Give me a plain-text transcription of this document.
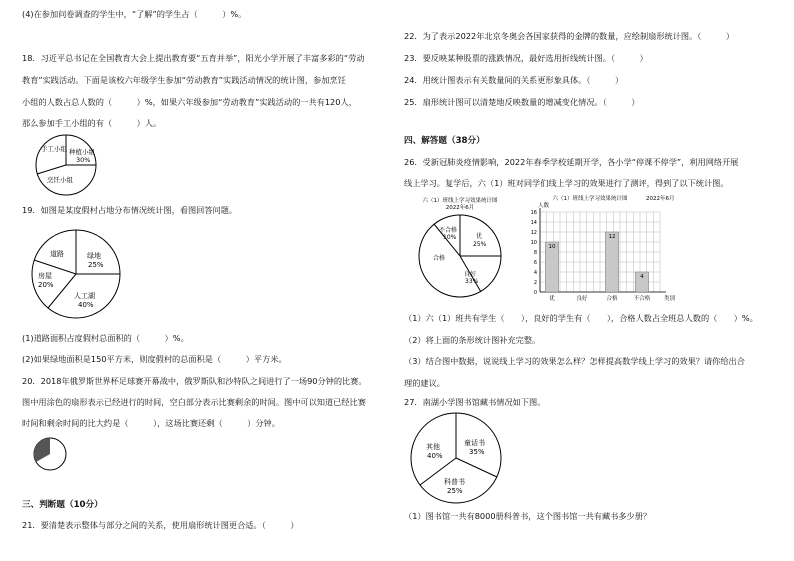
(4)在参加问卷调查的学生中，“了解”的学生占（　　　）%。
18．习近平总书记在全国教育大会上提出教育要“五育并举”，阳光小学开展了丰富多彩的“劳动
教育”实践活动。下面是该校六年级学生参加“劳动教育”实践活动情况的统计图，参加烹饪
小组的人数占总人数的（　　　）%，如果六年级参加“劳动教育”实践活动的一共有120人，
那么参加手工小组的有（　　　）人。
手工小组 种植小组
30%
烹饪小组
19．如图是某度假村占地分布情况统计图，看图回答问题。
道路	绿地
25%
房屋
20%
人工湖
40%
(1)道路面积占度假村总面积的（　　　）%。
(2)如果绿地面积是150平方米，则度假村的总面积是（　　　）平方米。
20．2018年俄罗斯世界杯足球赛开幕战中，俄罗斯队和沙特队之间进行了一场90分钟的比赛。
图中用涂色的扇形表示已经进行的时间，空白部分表示比赛剩余的时间。图中可以知道已经比赛
时间和剩余时间的比大约是（　　　），这场比赛还剩（　　　）分钟。
三、判断题（10分）
21．要清楚表示整体与部分之间的关系，使用扇形统计图更合适。（　　　）
22．为了表示2022年北京冬奥会各国家获得的金牌的数量，应绘制扇形统计图。（　　　）
23．要反映某种股票的涨跌情况，最好选用折线统计图。（　　　）
24．用统计图表示有关数量间的关系更形象具体。（　　　）
25．扇形统计图可以清楚地反映数量的增减变化情况。（　　　）
四、解答题（38分）
26．受新冠肺炎疫情影响，2022年春季学校延期开学，各小学“停课不停学”，利用网络开展
线上学习。复学后，六（1）班对同学们线上学习的效果进行了测评，得到了以下统计图。
六（1）班线上学习效果统计图
2022年6月
不合格
10%	优
25%
合格
良好
33%
六（1）班线上学习效果统计图	2022年6月
人数
0
2
4
6
8
10
12
14
16
优
10
良好	合格
12
不合格
4
类别
（1）六（1）班共有学生（　　），良好的学生有（　　），合格人数占全班总人数的（　　）%。
（2）将上面的条形统计图补充完整。
（3）结合图中数据，说说线上学习的效果怎么样？怎样提高数学线上学习的效果？请你给出合
理的建议。
27．南湖小学图书馆藏书情况如下图。
其他
40%
童话书
35%
科普书
25%
（1）图书馆一共有8000册科普书，这个图书馆一共有藏书多少册？
